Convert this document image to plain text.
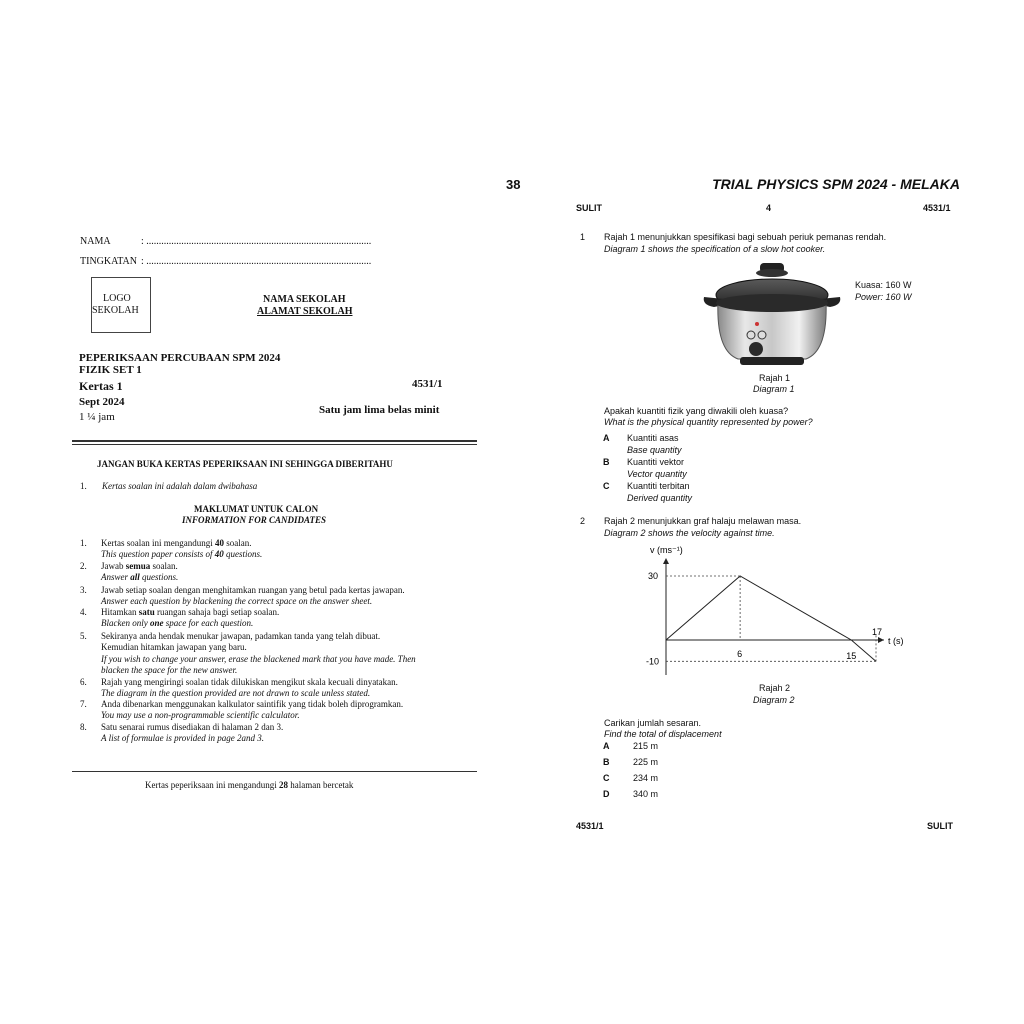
38	TRIAL PHYSICS SPM 2024 - MELAKA
NAMA	: ..........................................................................................
TINGKATAN : ..........................................................................................
LOGO
SEKOLAH
NAMA SEKOLAH
ALAMAT SEKOLAH
PEPERIKSAAN PERCUBAAN SPM 2024
FIZIK SET 1
Kertas 1	4531/1
Sept 2024
1 ¼ jam
Satu jam lima belas minit
JANGAN BUKA KERTAS PEPERIKSAAN INI SEHINGGA DIBERITAHU
1. Kertas soalan ini adalah dalam dwibahasa
MAKLUMAT UNTUK CALON
INFORMATION FOR CANDIDATES
1. Kertas soalan ini mengandungi 40 soalan.
This question paper consists of 40 questions.
2. Jawab semua soalan.
Answer all questions.
3. Jawab setiap soalan dengan menghitamkan ruangan yang betul pada kertas jawapan.
Answer each question by blackening the correct space on the answer sheet.
4. Hitamkan satu ruangan sahaja bagi setiap soalan.
Blacken only one space for each question.
5. Sekiranya anda hendak menukar jawapan, padamkan tanda yang telah dibuat.
Kemudian hitamkan jawapan yang baru.
If you wish to change your answer, erase the blackened mark that you have made. Then
blacken the space for the new answer.
6. Rajah yang mengiringi soalan tidak dilukiskan mengikut skala kecuali dinyatakan.
The diagram in the question provided are not drawn to scale unless stated.
7. Anda dibenarkan menggunakan kalkulator saintifik yang tidak boleh diprogramkan.
You may use a non-programmable scientific calculator.
8. Satu senarai rumus disediakan di halaman 2 dan 3.
A list of formulae is provided in page 2and 3.
Kertas peperiksaan ini mengandungi 28 halaman bercetak
SULIT	4	4531/1
1 Rajah 1 menunjukkan spesifikasi bagi sebuah periuk pemanas rendah.
Diagram 1 shows the specification of a slow hot cooker.
Kuasa: 160 W
Power: 160 W
Rajah 1
Diagram 1
Apakah kuantiti fizik yang diwakili oleh kuasa?
What is the physical quantity represented by power?
A Kuantiti asas
Base quantity
B Kuantiti vektor
Vector quantity
C Kuantiti terbitan
Derived quantity
2 Rajah 2 menunjukkan graf halaju melawan masa.
Diagram 2 shows the velocity against time.
v (ms⁻¹)
t (s)
30
-10
6	15
17
Rajah 2
Diagram 2
Carikan jumlah sesaran.
Find the total of displacement
A	215 m
B	225 m
C	234 m
D	340 m
4531/1	SULIT
